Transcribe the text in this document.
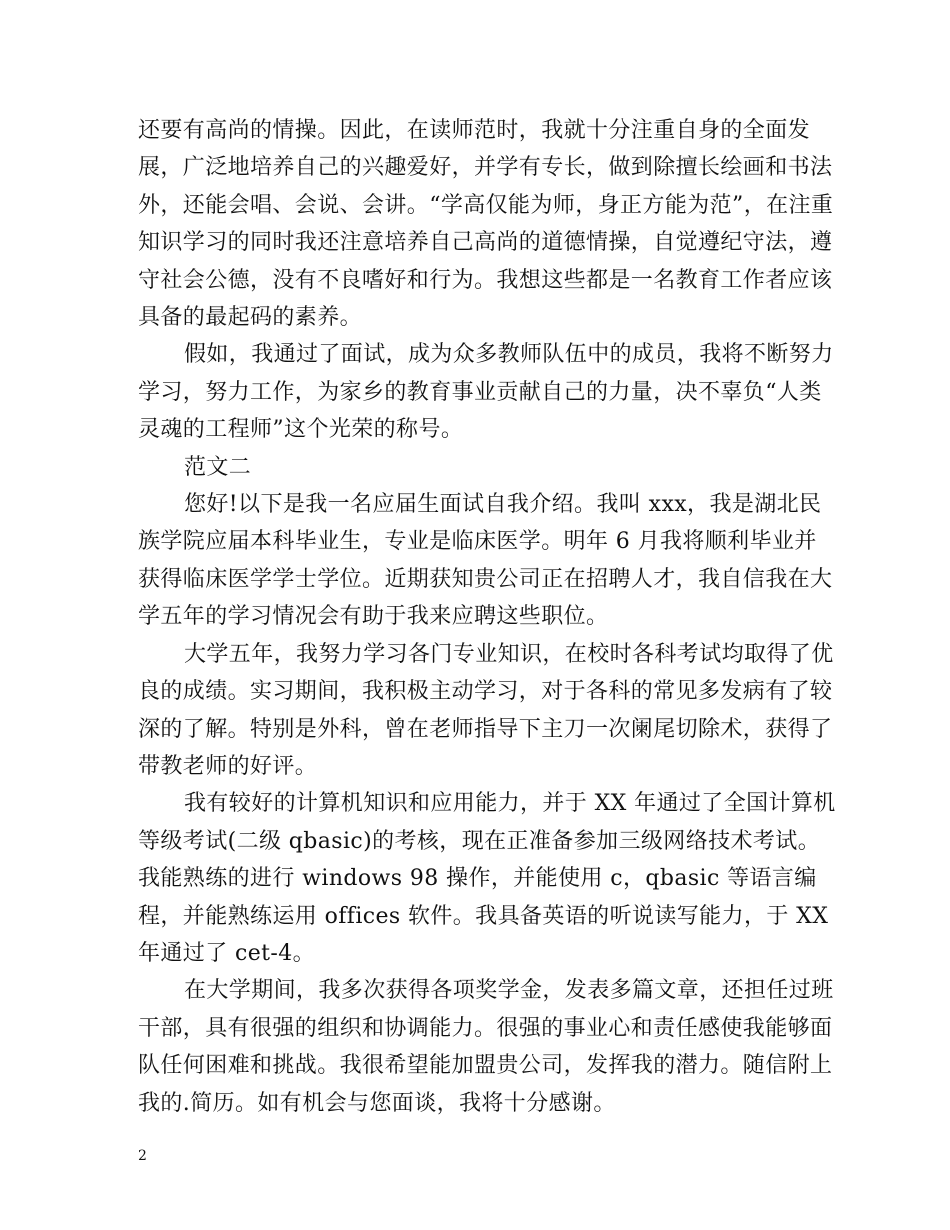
还要有高尚的情操。因此，在读师范时，我就十分注重自身的全面发展，广泛地培养自己的兴趣爱好，并学有专长，做到除擅长绘画和书法外，还能会唱、会说、会讲。“学高仅能为师，身正方能为范”，在注重知识学习的同时我还注意培养自己高尚的道德情操，自觉遵纪守法，遵守社会公德，没有不良嗜好和行为。我想这些都是一名教育工作者应该具备的最起码的素养。

假如，我通过了面试，成为众多教师队伍中的成员，我将不断努力学习，努力工作，为家乡的教育事业贡献自己的力量，决不辜负“人类灵魂的工程师”这个光荣的称号。

范文二

您好!以下是我一名应届生面试自我介绍。我叫 xxx，我是湖北民族学院应届本科毕业生，专业是临床医学。明年 6 月我将顺利毕业并获得临床医学学士学位。近期获知贵公司正在招聘人才，我自信我在大学五年的学习情况会有助于我来应聘这些职位。

大学五年，我努力学习各门专业知识，在校时各科考试均取得了优良的成绩。实习期间，我积极主动学习，对于各科的常见多发病有了较深的了解。特别是外科，曾在老师指导下主刀一次阑尾切除术，获得了带教老师的好评。

我有较好的计算机知识和应用能力，并于 XX 年通过了全国计算机等级考试(二级 qbasic)的考核，现在正准备参加三级网络技术考试。我能熟练的进行 windows 98 操作，并能使用 c，qbasic 等语言编程，并能熟练运用 offices 软件。我具备英语的听说读写能力，于 XX 年通过了 cet-4。

在大学期间，我多次获得各项奖学金，发表多篇文章，还担任过班干部，具有很强的组织和协调能力。很强的事业心和责任感使我能够面队任何困难和挑战。我很希望能加盟贵公司，发挥我的潜力。随信附上我的.简历。如有机会与您面谈，我将十分感谢。

2
